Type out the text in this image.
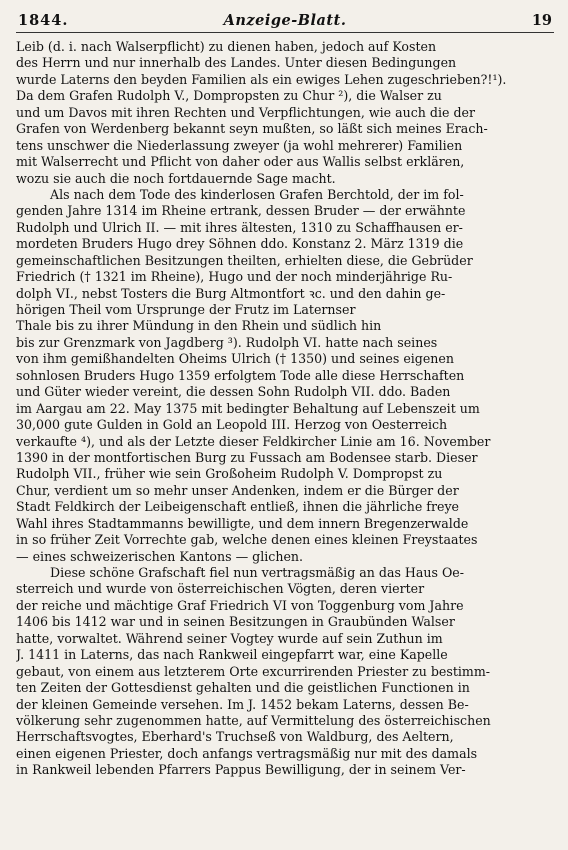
1844.	Anzeige-Blatt.	19
Leib (d. i. nach Walserpflicht) zu dienen haben, jedoch auf Kosten
des Herrn und nur innerhalb des Landes. Unter diesen Bedingungen
wurde Laterns den beyden Familien als ein ewiges Lehen zugeschrieben?!¹).
Da dem Grafen Rudolph V., Dompropsten zu Chur ²), die Walser zu
und um Davos mit ihren Rechten und Verpflichtungen, wie auch die der
Grafen von Werdenberg bekannt seyn mußten, so läßt sich meines Erach-
tens unschwer die Niederlassung zweyer (ja wohl mehrerer) Familien
mit Walserrecht und Pflicht von daher oder aus Wallis selbst erklären,
wozu sie auch die noch fortdauernde Sage macht.
Als nach dem Tode des kinderlosen Grafen Berchtold, der im fol-
genden Jahre 1314 im Rheine ertrank, dessen Bruder — der erwähnte
Rudolph und Ulrich II. — mit ihres ältesten, 1310 zu Schaffhausen er-
mordeten Bruders Hugo drey Söhnen ddo. Konstanz 2. März 1319 die
gemeinschaftlichen Besitzungen theilten, erhielten diese, die Gebrüder
Friedrich († 1321 im Rheine), Hugo und der noch minderjährige Ru-
dolph VI., nebst Tosters die Burg Altmontfort ꝛc. und den dahin ge-
hörigen Theil vom Ursprunge der Frutz im Laternser
Thale bis zu ihrer Mündung in den Rhein und südlich hin
bis zur Grenzmark von Jagdberg ³). Rudolph VI. hatte nach seines
von ihm gemißhandelten Oheims Ulrich († 1350) und seines eigenen
sohnlosen Bruders Hugo 1359 erfolgtem Tode alle diese Herrschaften
und Güter wieder vereint, die dessen Sohn Rudolph VII. ddo. Baden
im Aargau am 22. May 1375 mit bedingter Behaltung auf Lebenszeit um
30,000 gute Gulden in Gold an Leopold III. Herzog von Oesterreich
verkaufte ⁴), und als der Letzte dieser Feldkircher Linie am 16. November
1390 in der montfortischen Burg zu Fussach am Bodensee starb. Dieser
Rudolph VII., früher wie sein Großoheim Rudolph V. Dompropst zu
Chur, verdient um so mehr unser Andenken, indem er die Bürger der
Stadt Feldkirch der Leibeigenschaft entließ, ihnen die jährliche freye
Wahl ihres Stadtammanns bewilligte, und dem innern Bregenzerwalde
in so früher Zeit Vorrechte gab, welche denen eines kleinen Freystaates
— eines schweizerischen Kantons — glichen.
Diese schöne Grafschaft fiel nun vertragsmäßig an das Haus Oe-
sterreich und wurde von österreichischen Vögten, deren vierter
der reiche und mächtige Graf Friedrich VI von Toggenburg vom Jahre
1406 bis 1412 war und in seinen Besitzungen in Graubünden Walser
hatte, vorwaltet. Während seiner Vogtey wurde auf sein Zuthun im
J. 1411 in Laterns, das nach Rankweil eingepfarrt war, eine Kapelle
gebaut, von einem aus letzterem Orte excurrirenden Priester zu bestimm-
ten Zeiten der Gottesdienst gehalten und die geistlichen Functionen in
der kleinen Gemeinde versehen. Im J. 1452 bekam Laterns, dessen Be-
völkerung sehr zugenommen hatte, auf Vermittelung des österreichischen
Herrschaftsvogtes, Eberhard's Truchseß von Waldburg, des Aeltern,
einen eigenen Priester, doch anfangs vertragsmäßig nur mit des damals
in Rankweil lebenden Pfarrers Pappus Bewilligung, der in seinem Ver-
